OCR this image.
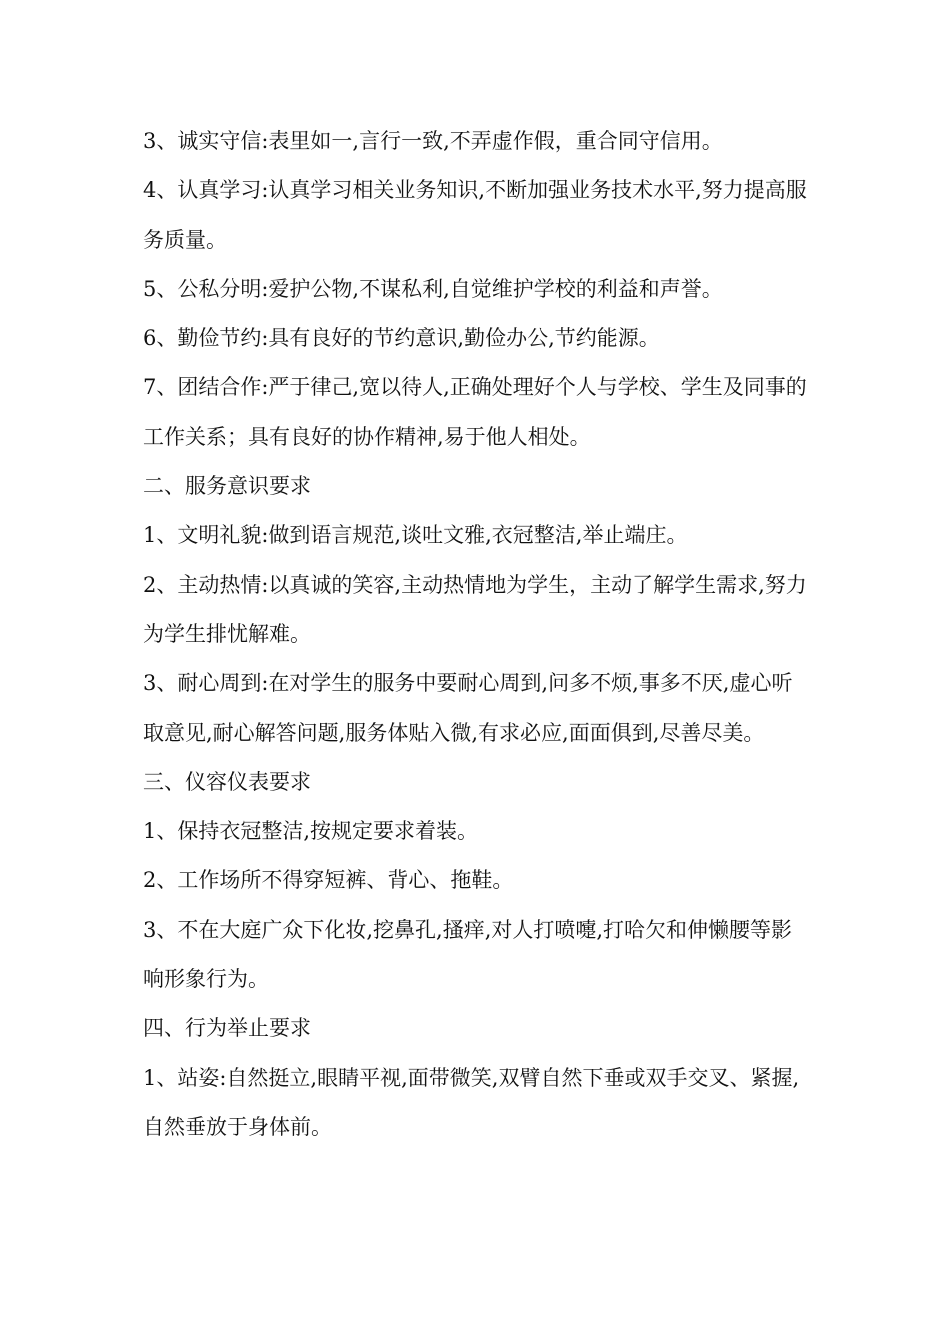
3、诚实守信:表里如一,言行一致,不弄虚作假，重合同守信用。

4、认真学习:认真学习相关业务知识,不断加强业务技术水平,努力提高服务质量。

5、公私分明:爱护公物,不谋私利,自觉维护学校的利益和声誉。

6、勤俭节约:具有良好的节约意识,勤俭办公,节约能源。

7、团结合作:严于律己,宽以待人,正确处理好个人与学校、学生及同事的工作关系；具有良好的协作精神,易于他人相处。

二、服务意识要求

1、文明礼貌:做到语言规范,谈吐文雅,衣冠整洁,举止端庄。

2、主动热情:以真诚的笑容,主动热情地为学生，主动了解学生需求,努力为学生排忧解难。

3、耐心周到:在对学生的服务中要耐心周到,问多不烦,事多不厌,虚心听取意见,耐心解答问题,服务体贴入微,有求必应,面面俱到,尽善尽美。

三、仪容仪表要求

1、保持衣冠整洁,按规定要求着装。

2、工作场所不得穿短裤、背心、拖鞋。

3、不在大庭广众下化妆,挖鼻孔,搔痒,对人打喷嚏,打哈欠和伸懒腰等影响形象行为。

四、行为举止要求

1、站姿:自然挺立,眼睛平视,面带微笑,双臂自然下垂或双手交叉、紧握,自然垂放于身体前。
